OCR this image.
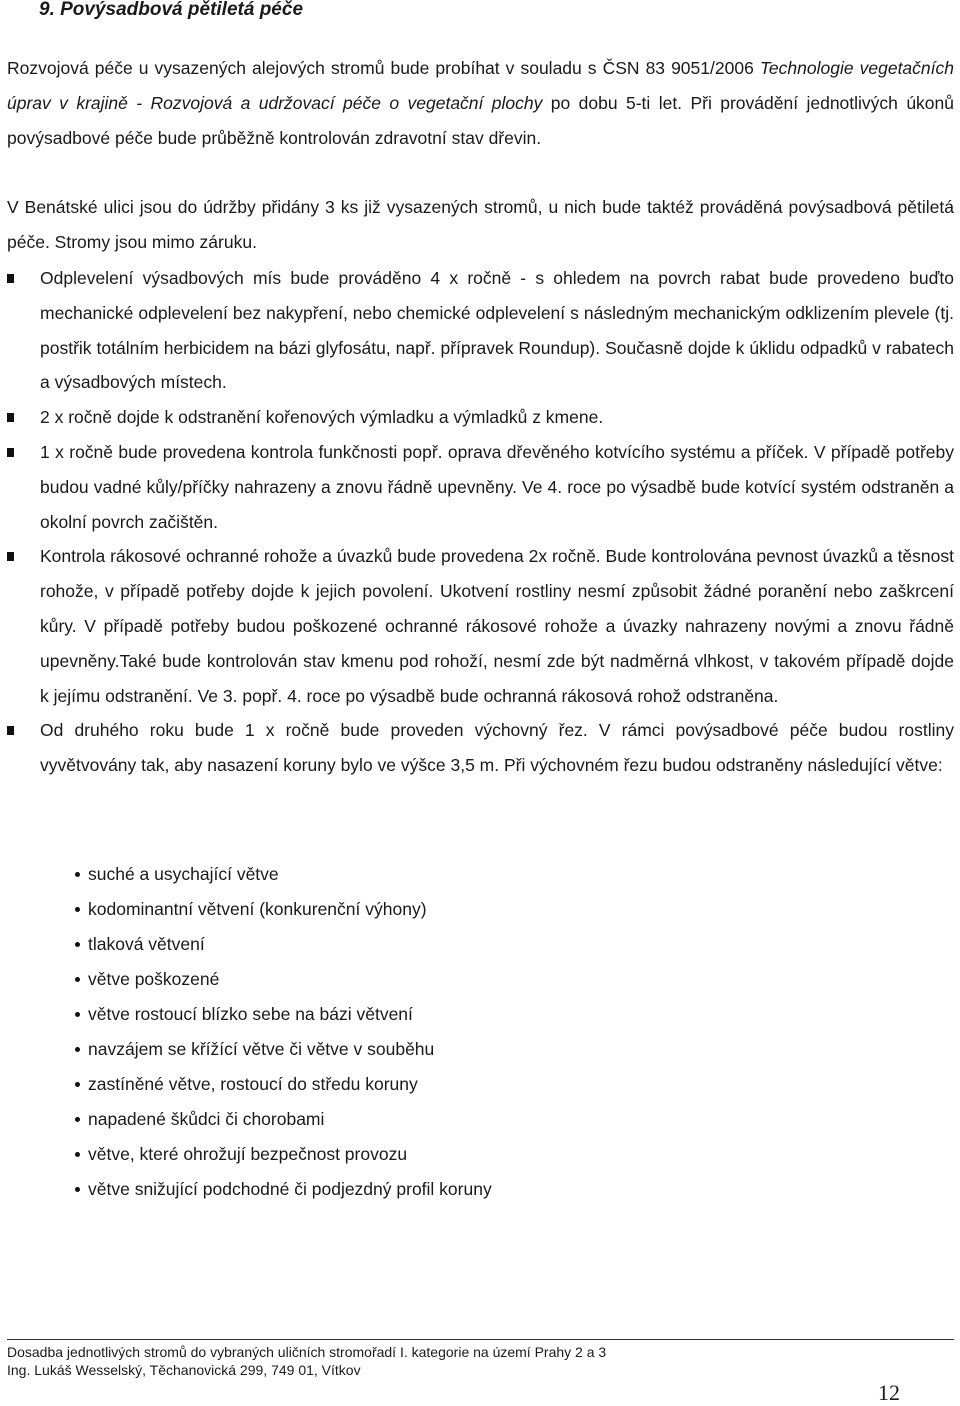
9. Povýsadbová pětiletá péče

Rozvojová péče u vysazených alejových stromů bude probíhat v souladu s ČSN 83 9051/2006 Technologie vegetačních úprav v krajině - Rozvojová a udržovací péče o vegetační plochy po dobu 5-ti let. Při provádění jednotlivých úkonů povýsadbové péče bude průběžně kontrolován zdravotní stav dřevin.

V Benátské ulici jsou do údržby přidány 3 ks již vysazených stromů, u nich bude taktéž prováděná povýsadbová pětiletá péče. Stromy jsou mimo záruku.

Odplevelení výsadbových mís bude prováděno 4 x ročně - s ohledem na povrch rabat bude provedeno buďto mechanické odplevelení bez nakypření, nebo chemické odplevelení s následným mechanickým odklizením plevele (tj. postřik totálním herbicidem na bázi glyfosátu, např. přípravek Roundup). Současně dojde k úklidu odpadků v rabatech a výsadbových místech.
2 x ročně dojde k odstranění kořenových výmladku a výmladků z kmene.
1 x ročně bude provedena kontrola funkčnosti popř. oprava dřevěného kotvícího systému a příček. V případě potřeby budou vadné kůly/příčky nahrazeny a znovu řádně upevněny. Ve 4. roce po výsadbě bude kotvící systém odstraněn a okolní povrch začištěn.
Kontrola rákosové ochranné rohože a úvazků bude provedena 2x ročně. Bude kontrolována pevnost úvazků a těsnost rohože, v případě potřeby dojde k jejich povolení. Ukotvení rostliny nesmí způsobit žádné poranění nebo zaškrcení kůry. V případě potřeby budou poškozené ochranné rákosové rohože a úvazky nahrazeny novými a znovu řádně upevněny.Také bude kontrolován stav kmenu pod rohoží, nesmí zde být nadměrná vlhkost, v takovém případě dojde k jejímu odstranění. Ve 3. popř. 4. roce po výsadbě bude ochranná rákosová rohož odstraněna.
Od druhého roku bude 1 x ročně bude proveden výchovný řez. V rámci povýsadbové péče budou rostliny vyvětvovány tak, aby nasazení koruny bylo ve výšce 3,5 m. Při výchovném řezu budou odstraněny následující větve:
suché a usychající větve
kodominantní větvení (konkurenční výhony)
tlaková větvení
větve poškozené
větve rostoucí blízko sebe na bázi větvení
navzájem se křížící větve či větve v souběhu
zastíněné větve, rostoucí do středu koruny
napadené škůdci či chorobami
větve, které ohrožují bezpečnost provozu
větve snižující podchodné či podjezdný profil koruny
Dosadba jednotlivých stromů do vybraných uličních stromořadí I. kategorie na území Prahy 2 a 3
Ing. Lukáš Wesselský, Těchanovická 299, 749 01, Vítkov
12
